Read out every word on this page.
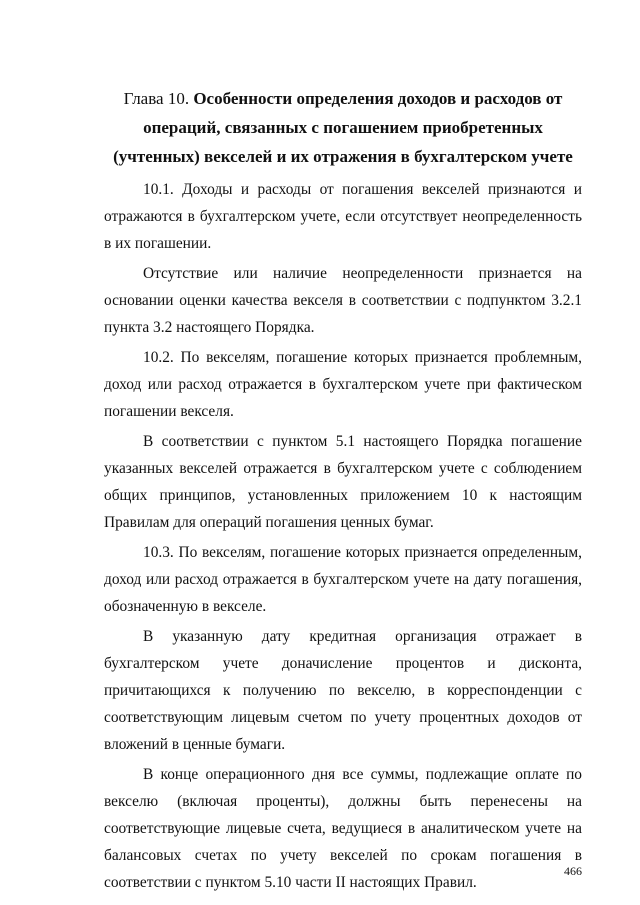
Глава 10. Особенности определения доходов и расходов от
операций, связанных с погашением приобретенных
(учтенных) векселей и их отражения в бухгалтерском учете

10.1. Доходы и расходы от погашения векселей признаются и отражаются в бухгалтерском учете, если отсутствует неопределенность в их погашении.

Отсутствие или наличие неопределенности признается на основании оценки качества векселя в соответствии с подпунктом 3.2.1 пункта 3.2 настоящего Порядка.

10.2. По векселям, погашение которых признается проблемным, доход или расход отражается в бухгалтерском учете при фактическом погашении векселя.

В соответствии с пунктом 5.1 настоящего Порядка погашение указанных векселей отражается в бухгалтерском учете с соблюдением общих принципов, установленных приложением 10 к настоящим Правилам для операций погашения ценных бумаг.

10.3. По векселям, погашение которых признается определенным, доход или расход отражается в бухгалтерском учете на дату погашения, обозначенную в векселе.

В указанную дату кредитная организация отражает в бухгалтерском учете доначисление процентов и дисконта, причитающихся к получению по векселю, в корреспонденции с соответствующим лицевым счетом по учету процентных доходов от вложений в ценные бумаги.

В конце операционного дня все суммы, подлежащие оплате по векселю (включая проценты), должны быть перенесены на соответствующие лицевые счета, ведущиеся в аналитическом учете на балансовых счетах по учету векселей по срокам погашения в соответствии с пунктом 5.10 части II настоящих Правил.

466
